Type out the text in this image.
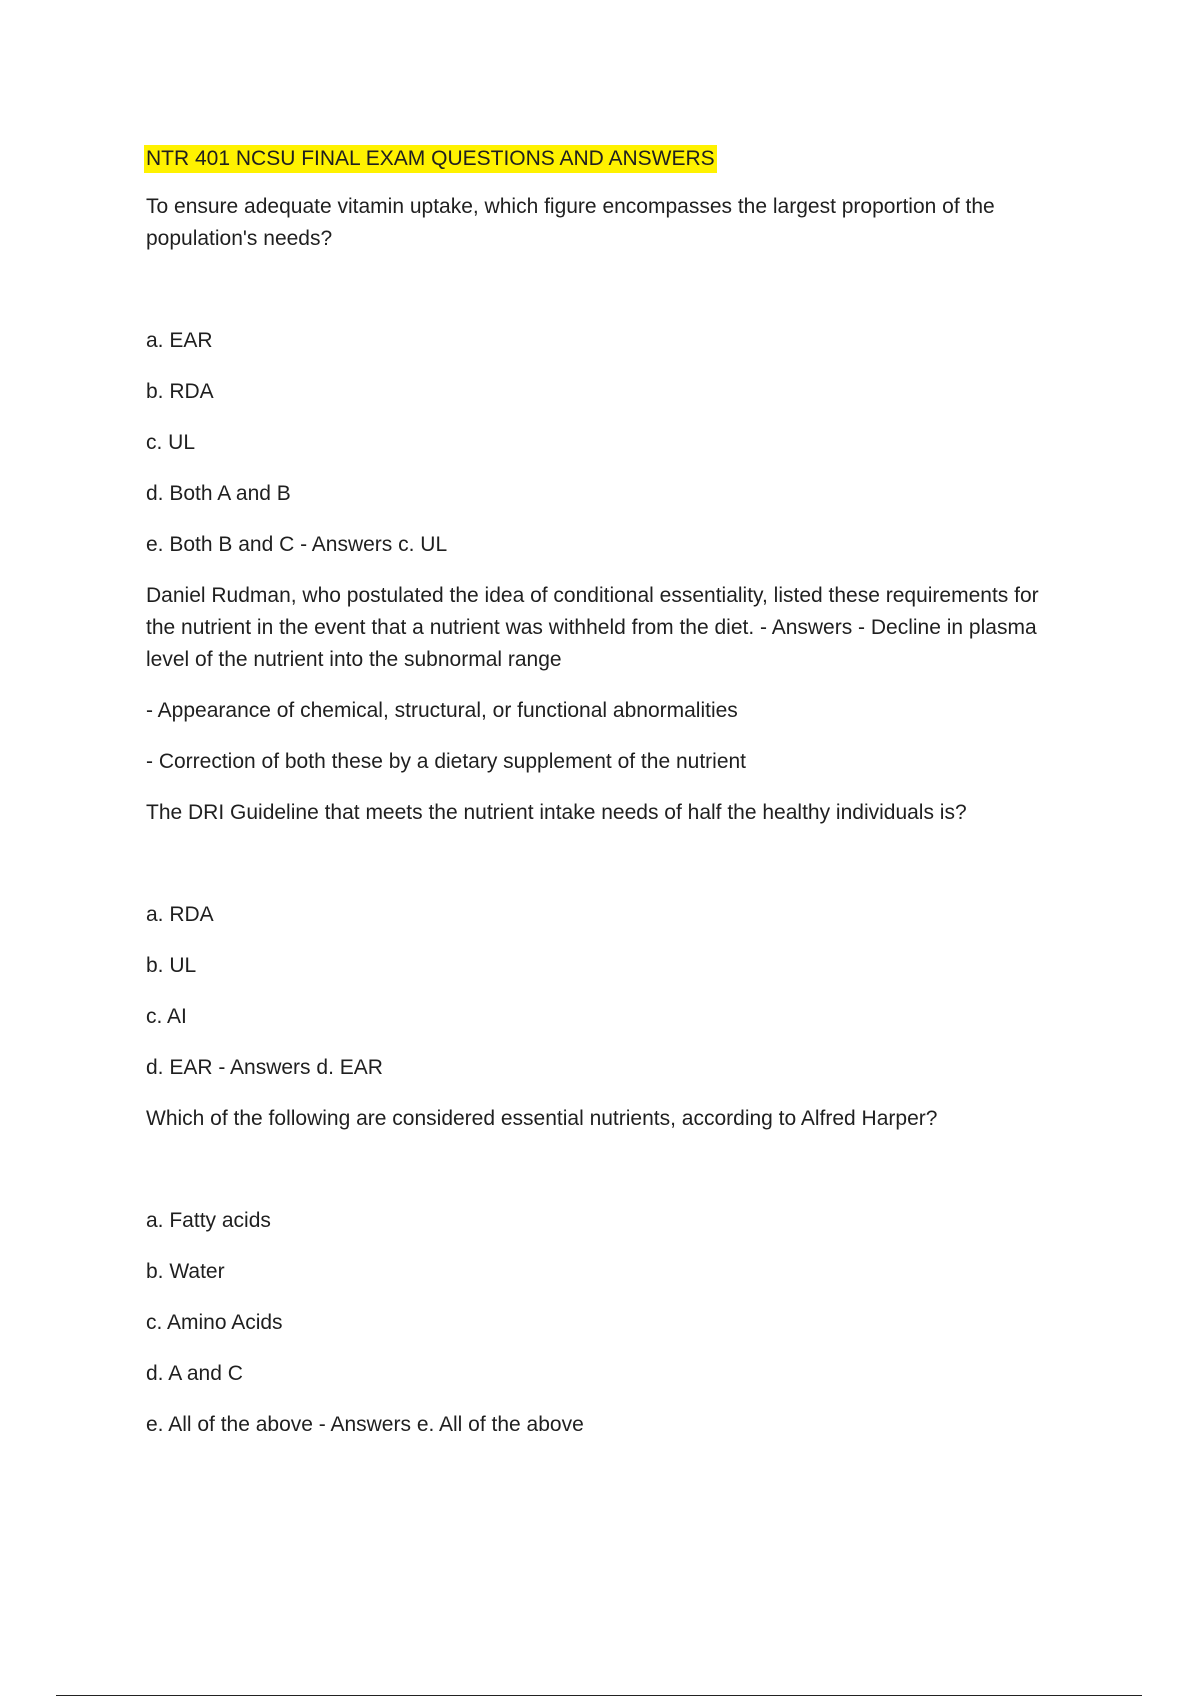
NTR 401 NCSU FINAL EXAM QUESTIONS AND ANSWERS

To ensure adequate vitamin uptake, which figure encompasses the largest proportion of the population's needs?

a. EAR

b. RDA

c. UL

d. Both A and B

e. Both B and C - Answers c. UL

Daniel Rudman, who postulated the idea of conditional essentiality, listed these requirements for the nutrient in the event that a nutrient was withheld from the diet. - Answers - Decline in plasma level of the nutrient into the subnormal range

- Appearance of chemical, structural, or functional abnormalities

- Correction of both these by a dietary supplement of the nutrient

The DRI Guideline that meets the nutrient intake needs of half the healthy individuals is?

a. RDA

b. UL

c. AI

d. EAR - Answers d. EAR

Which of the following are considered essential nutrients, according to Alfred Harper?

a. Fatty acids

b. Water

c. Amino Acids

d. A and C

e. All of the above - Answers e. All of the above
